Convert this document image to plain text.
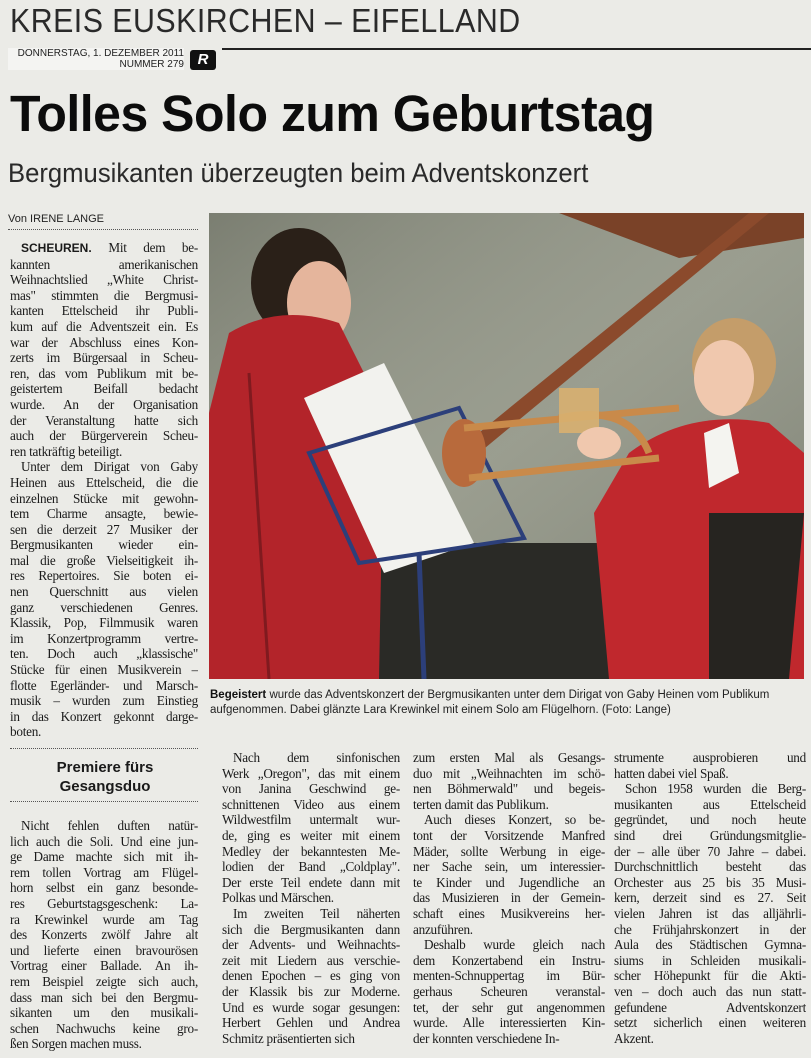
KREIS EUSKIRCHEN – EIFELLAND
DONNERSTAG, 1. DEZEMBER 2011
NUMMER 279 R
Tolles Solo zum Geburtstag
Bergmusikanten überzeugten beim Adventskonzert
Von IRENE LANGE
SCHEUREN. Mit dem be-
kannten amerikanischen
Weihnachtslied „White Christ-
mas" stimmten die Bergmusi-
kanten Ettelscheid ihr Publi-
kum auf die Adventszeit ein. Es
war der Abschluss eines Kon-
zerts im Bürgersaal in Scheu-
ren, das vom Publikum mit be-
geistertem Beifall bedacht
wurde. An der Organisation
der Veranstaltung hatte sich
auch der Bürgerverein Scheu-
ren tatkräftig beteiligt.
Unter dem Dirigat von Gaby
Heinen aus Ettelscheid, die die
einzelnen Stücke mit gewohn-
tem Charme ansagte, bewie-
sen die derzeit 27 Musiker der
Bergmusikanten wieder ein-
mal die große Vielseitigkeit ih-
res Repertoires. Sie boten ei-
nen Querschnitt aus vielen
ganz verschiedenen Genres.
Klassik, Pop, Filmmusik waren
im Konzertprogramm vertre-
ten. Doch auch „klassische"
Stücke für einen Musikverein –
flotte Egerländer- und Marsch-
musik – wurden zum Einstieg
in das Konzert gekonnt darge-
boten.
Begeistert wurde das Adventskonzert der Bergmusikanten unter dem Dirigat von Gaby Heinen vom Publikum aufgenommen. Dabei glänzte Lara Krewinkel mit einem Solo am Flügelhorn. (Foto: Lange)
Premiere fürs
Gesangsduo
Nicht fehlen duften natür-
lich auch die Soli. Und eine jun-
ge Dame machte sich mit ih-
rem tollen Vortrag am Flügel-
horn selbst ein ganz besonde-
res Geburtstagsgeschenk: La-
ra Krewinkel wurde am Tag
des Konzerts zwölf Jahre alt
und lieferte einen bravourösen
Vortrag einer Ballade. An ih-
rem Beispiel zeigte sich auch,
dass man sich bei den Bergmu-
sikanten um den musikali-
schen Nachwuchs keine gro-
ßen Sorgen machen muss.
Nach dem sinfonischen
Werk „Oregon", das mit einem
von Janina Geschwind ge-
schnittenen Video aus einem
Wildwestfilm untermalt wur-
de, ging es weiter mit einem
Medley der bekanntesten Me-
lodien der Band „Coldplay".
Der erste Teil endete dann mit
Polkas und Märschen.
Im zweiten Teil näherten
sich die Bergmusikanten dann
der Advents- und Weihnachts-
zeit mit Liedern aus verschie-
denen Epochen – es ging von
der Klassik bis zur Moderne.
Und es wurde sogar gesungen:
Herbert Gehlen und Andrea
Schmitz präsentierten sich
zum ersten Mal als Gesangs-
duo mit „Weihnachten im schö-
nen Böhmerwald" und begeis-
terten damit das Publikum.
Auch dieses Konzert, so be-
tont der Vorsitzende Manfred
Mäder, sollte Werbung in eige-
ner Sache sein, um interessier-
te Kinder und Jugendliche an
das Musizieren in der Gemein-
schaft eines Musikvereins her-
anzuführen.
Deshalb wurde gleich nach
dem Konzertabend ein Instru-
menten-Schnuppertag im Bür-
gerhaus Scheuren veranstal-
tet, der sehr gut angenommen
wurde. Alle interessierten Kin-
der konnten verschiedene In-
strumente ausprobieren und
hatten dabei viel Spaß.
Schon 1958 wurden die Berg-
musikanten aus Ettelscheid
gegründet, und noch heute
sind drei Gründungsmitglie-
der – alle über 70 Jahre – dabei.
Durchschnittlich besteht das
Orchester aus 25 bis 35 Musi-
kern, derzeit sind es 27. Seit
vielen Jahren ist das alljährli-
che Frühjahrskonzert in der
Aula des Städtischen Gymna-
siums in Schleiden musikali-
scher Höhepunkt für die Akti-
ven – doch auch das nun statt-
gefundene Adventskonzert
setzt sicherlich einen weiteren
Akzent.
